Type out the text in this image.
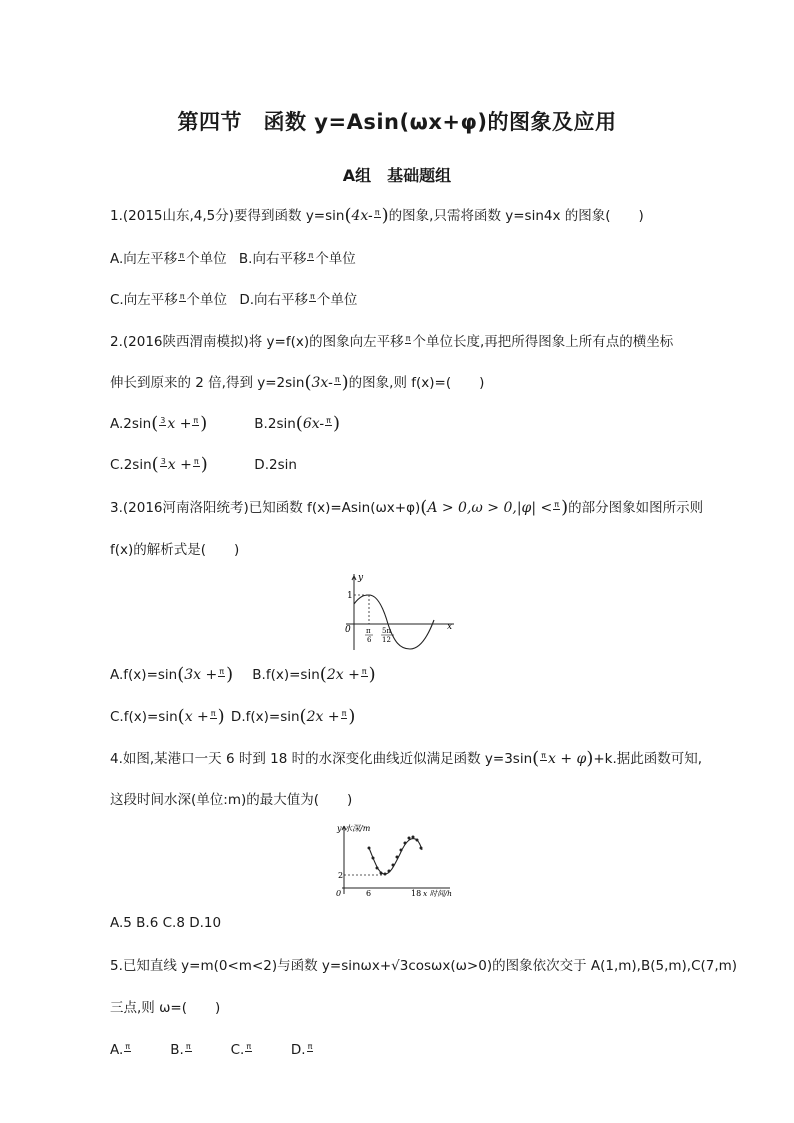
第四节　函数 y=Asin(ωx+φ)的图象及应用
A组　基础题组
1.(2015山东,4,5分)要得到函数 y=sin(4x- π
)的图象,只需将函数 y=sin4x 的图象( )
A.向左平移 π
个单位 B.向右平移 π
个单位
C.向左平移 π
个单位 D.向右平移 π
个单位
2.(2016陕西渭南模拟)将 y=f(x)的图象向左平移 π
个单位长度,再把所得图象上所有点的横坐标
伸长到原来的 2 倍,得到 y=2sin(3x- π
)的图象,则 f(x)=( )
A.2sin( 3
x + π
)	B.2sin(6x- π
)
C.2sin( 3
x + π
)	D.2sin
3.(2016河南洛阳统考)已知函数 f(x)=Asin(ωx+φ)(A > 0,ω > 0,|φ| < π
)的部分图象如图所示则
f(x)的解析式是( )
y
x
1
0 π
6
5π
12
A.f(x)=sin(3x + π
) B.f(x)=sin(2x + π
)
C.f(x)=sin(x + π
) D.f(x)=sin(2x + π
)
4.如图,某港口一天 6 时到 18 时的水深变化曲线近似满足函数 y=3sin( π
x + φ)+k.据此函数可知,
这段时间水深(单位:m)的最大值为( )
y 水深/m
x 时间/h
2
0	6	18
A.5 B.6 C.8 D.10
5.已知直线 y=m(0<m<2)与函数 y=sinωx+√3cosωx(ω>0)的图象依次交于 A(1,m),B(5,m),C(7,m)
三点,则 ω=( )
A. π
	B. π
	C. π
	D. π
